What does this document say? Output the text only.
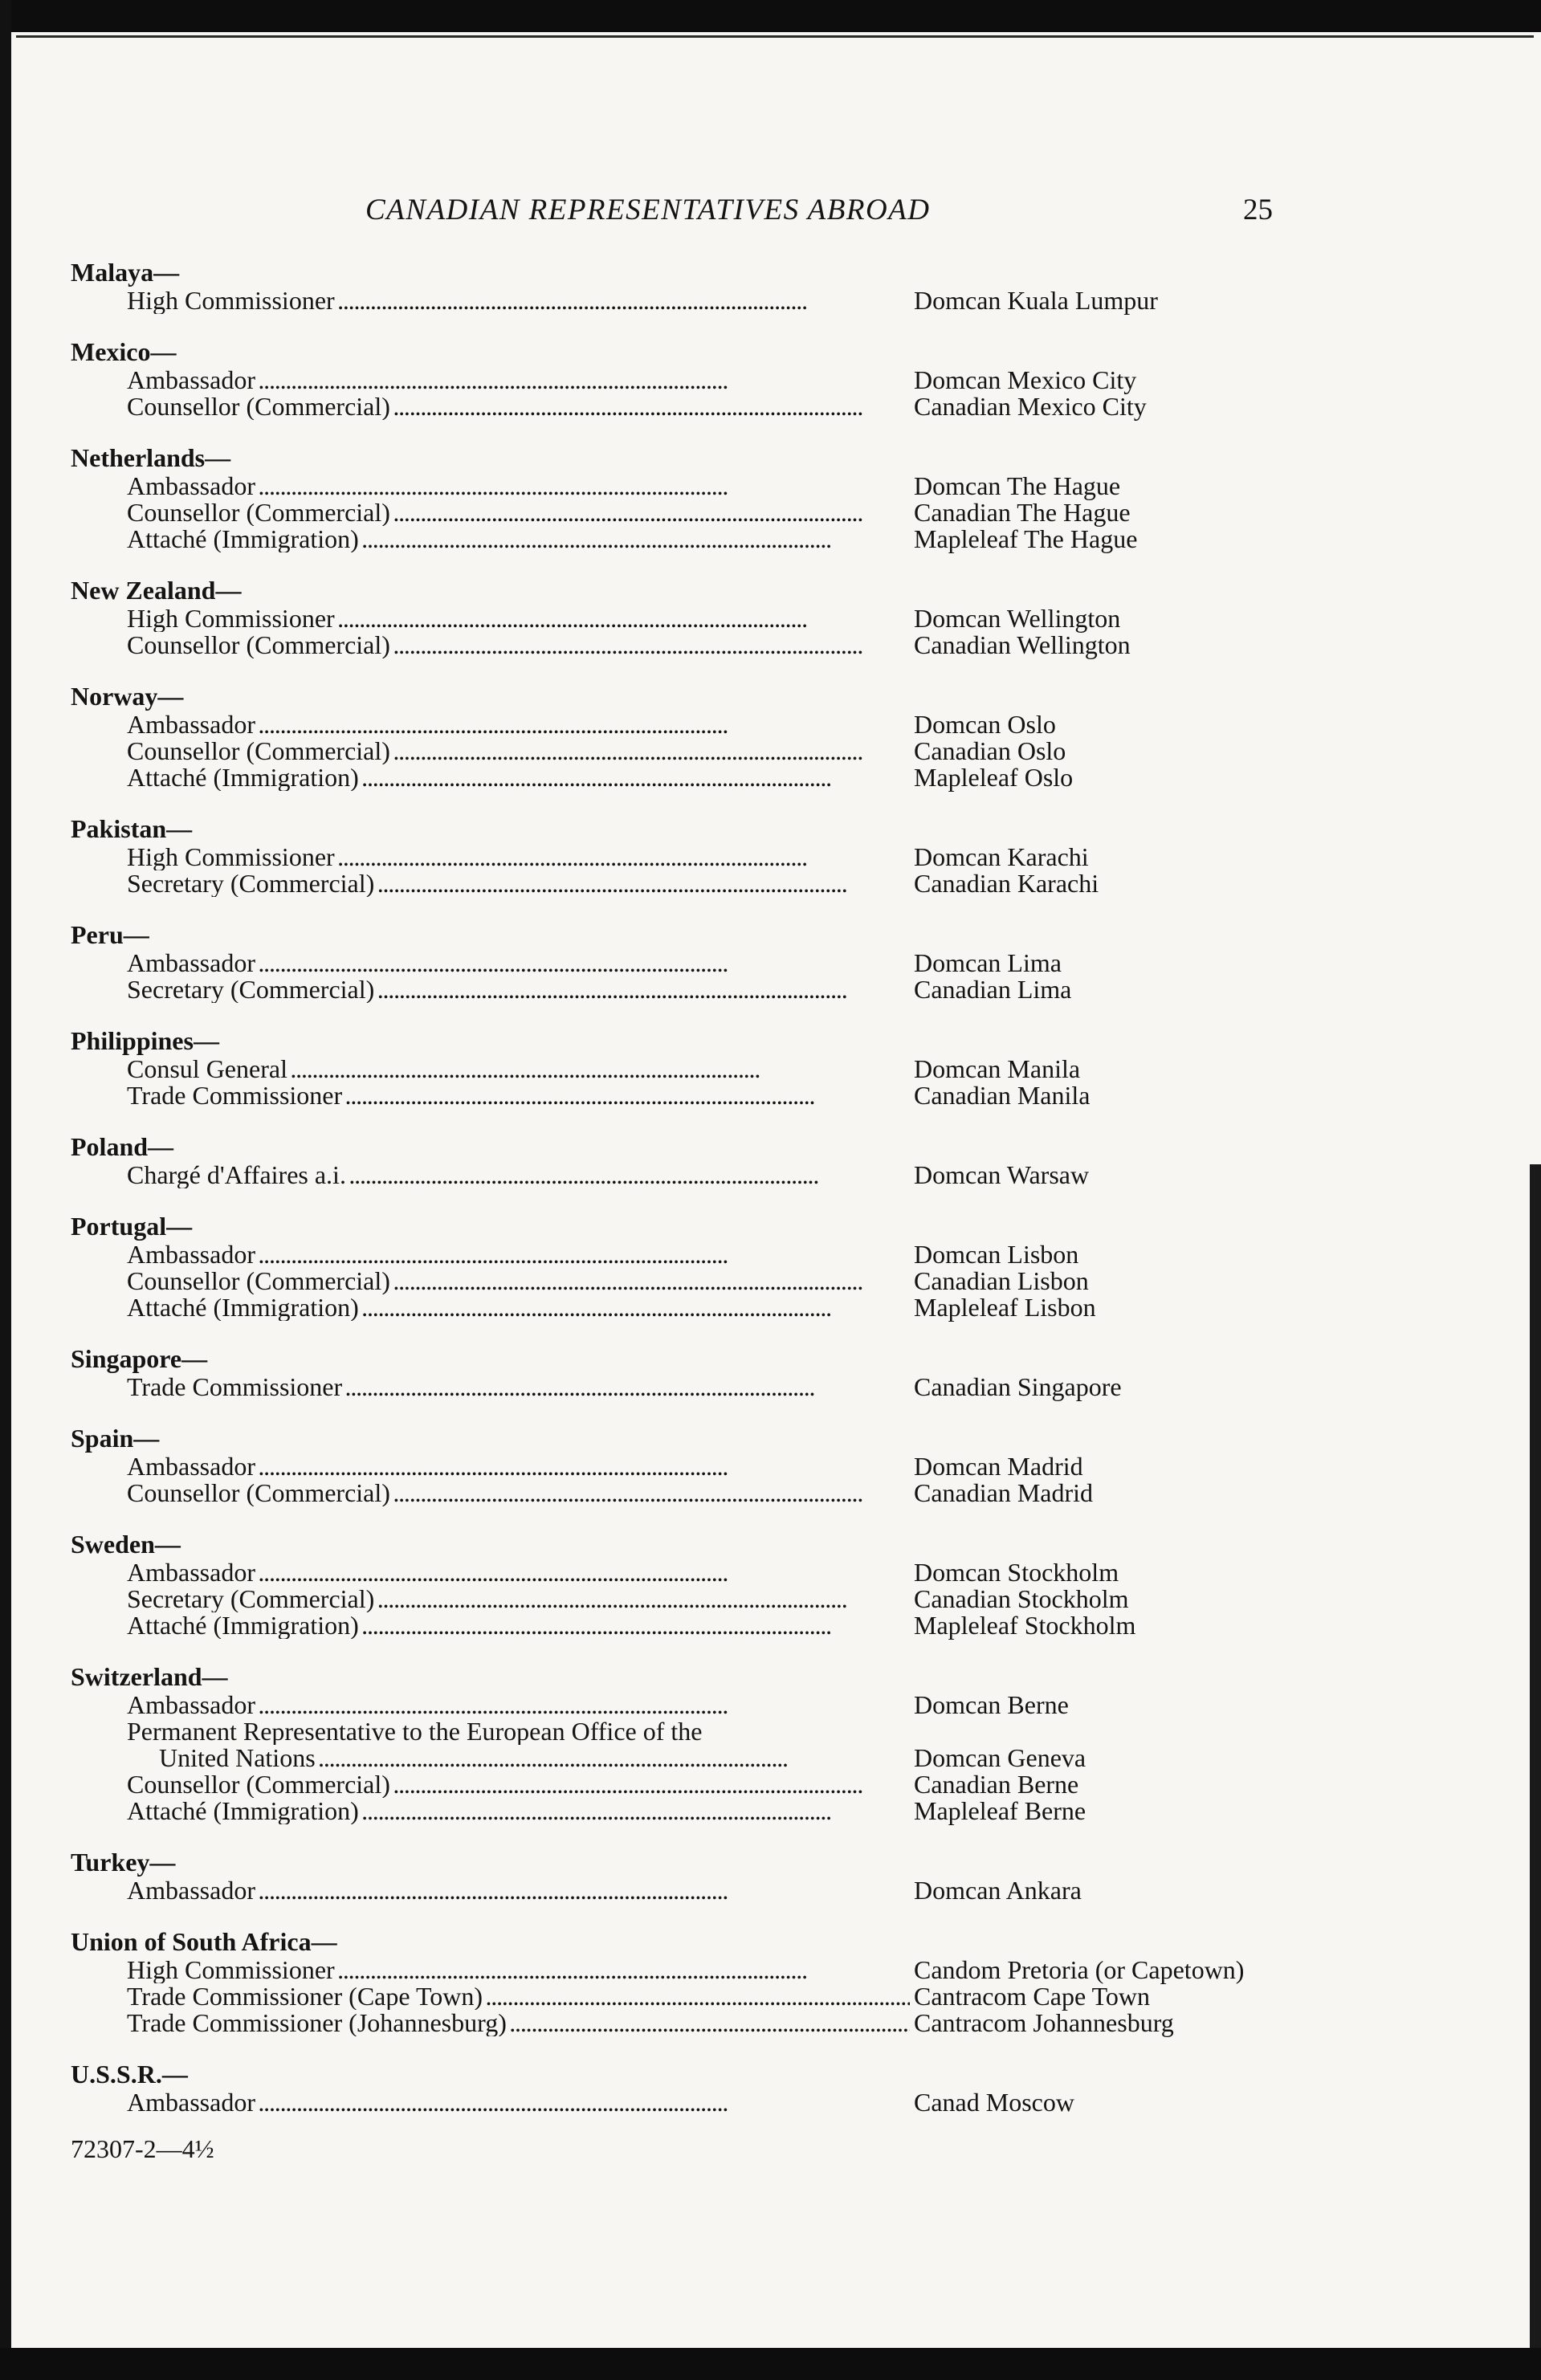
CANADIAN REPRESENTATIVES ABROAD	25
Malaya—
High Commissioner . . .	Domcan Kuala Lumpur
Mexico—
Ambassador . . .	Domcan Mexico City
Counsellor (Commercial) . . .	Canadian Mexico City
Netherlands—
Ambassador . . .	Domcan The Hague
Counsellor (Commercial) . . .	Canadian The Hague
Attaché (Immigration) . . .	Mapleleaf The Hague
New Zealand—
High Commissioner . . .	Domcan Wellington
Counsellor (Commercial) . . .	Canadian Wellington
Norway—
Ambassador . . .	Domcan Oslo
Counsellor (Commercial) . . .	Canadian Oslo
Attaché (Immigration) . . .	Mapleleaf Oslo
Pakistan—
High Commissioner . . .	Domcan Karachi
Secretary (Commercial) . . .	Canadian Karachi
Peru—
Ambassador . . .	Domcan Lima
Secretary (Commercial) . . .	Canadian Lima
Philippines—
Consul General . . .	Domcan Manila
Trade Commissioner . . .	Canadian Manila
Poland—
Chargé d'Affaires a.i. . . .	Domcan Warsaw
Portugal—
Ambassador . . .	Domcan Lisbon
Counsellor (Commercial) . . .	Canadian Lisbon
Attaché (Immigration) . . .	Mapleleaf Lisbon
Singapore—
Trade Commissioner . . .	Canadian Singapore
Spain—
Ambassador . . .	Domcan Madrid
Counsellor (Commercial) . . .	Canadian Madrid
Sweden—
Ambassador . . .	Domcan Stockholm
Secretary (Commercial) . . .	Canadian Stockholm
Attaché (Immigration) . . .	Mapleleaf Stockholm
Switzerland—
Ambassador . . .	Domcan Berne
Permanent Representative to the European Office of the
United Nations . . .	Domcan Geneva
Counsellor (Commercial) . . .	Canadian Berne
Attaché (Immigration) . . .	Mapleleaf Berne
Turkey—
Ambassador . . .	Domcan Ankara
Union of South Africa—
High Commissioner . . .	Candom Pretoria (or Capetown)
Trade Commissioner (Cape Town) . . .	Cantracom Cape Town
Trade Commissioner (Johannesburg) . . .	Cantracom Johannesburg
U.S.S.R.—
Ambassador . . .	Canad Moscow
72307-2—4½
